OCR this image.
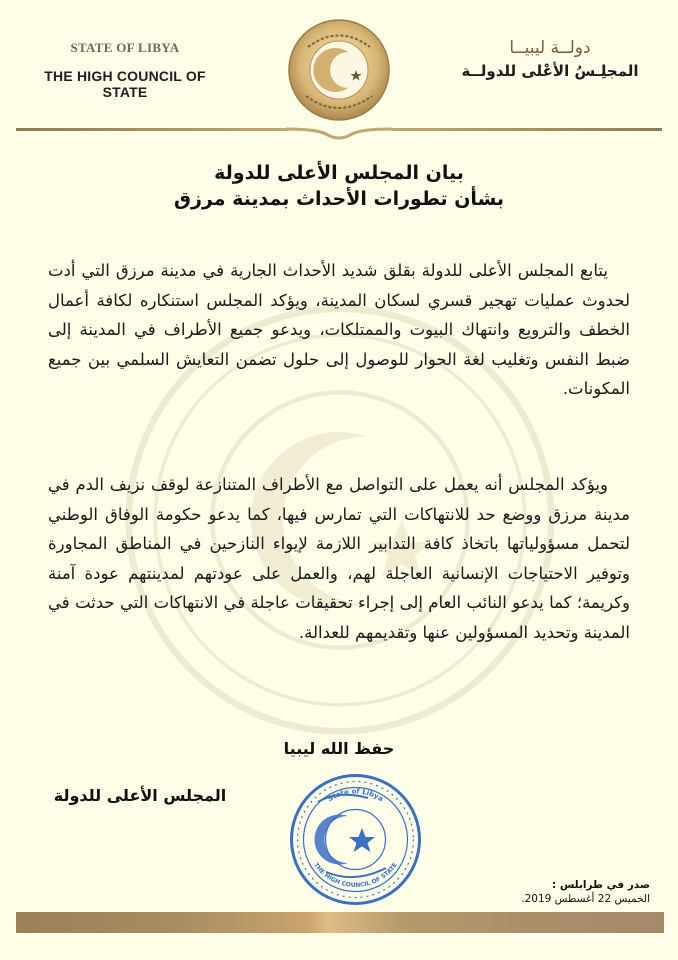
STATE OF LIBYA
THE HIGH COUNCIL OF STATE
دولــة ليبيــا
المجلِـسُ الأعْلى للدولــة
بيان المجلس الأعلى للدولة
بشأن تطورات الأحداث بمدينة مرزق

يتابع المجلس الأعلى للدولة بقلق شديد الأحداث الجارية في مدينة مرزق التي أدت لحدوث عمليات تهجير قسري لسكان المدينة، ويؤكد المجلس استنكاره لكافة أعمال الخطف والترويع وانتهاك البيوت والممتلكات، ويدعو جميع الأطراف في المدينة إلى ضبط النفس وتغليب لغة الحوار للوصول إلى حلول تضمن التعايش السلمي بين جميع المكونات.

ويؤكد المجلس أنه يعمل على التواصل مع الأطراف المتنازعة لوقف نزيف الدم في مدينة مرزق ووضع حد للانتهاكات التي تمارس فيها، كما يدعو حكومة الوفاق الوطني لتحمل مسؤولياتها باتخاذ كافة التدابير اللازمة لإيواء النازحين في المناطق المجاورة وتوفير الاحتياجات الإنسانية العاجلة لهم، والعمل على عودتهم لمدينتهم عودة آمنة وكريمة؛ كما يدعو النائب العام إلى إجراء تحقيقات عاجلة في الانتهاكات التي حدثت في المدينة وتحديد المسؤولين عنها وتقديمهم للعدالة.

حفظ الله ليبيا
المجلس الأعلى للدولة	State of Libya
THE HIGH COUNCIL OF STATE
صدر في طرابلس :
الخميس 22 أغسطس 2019.
